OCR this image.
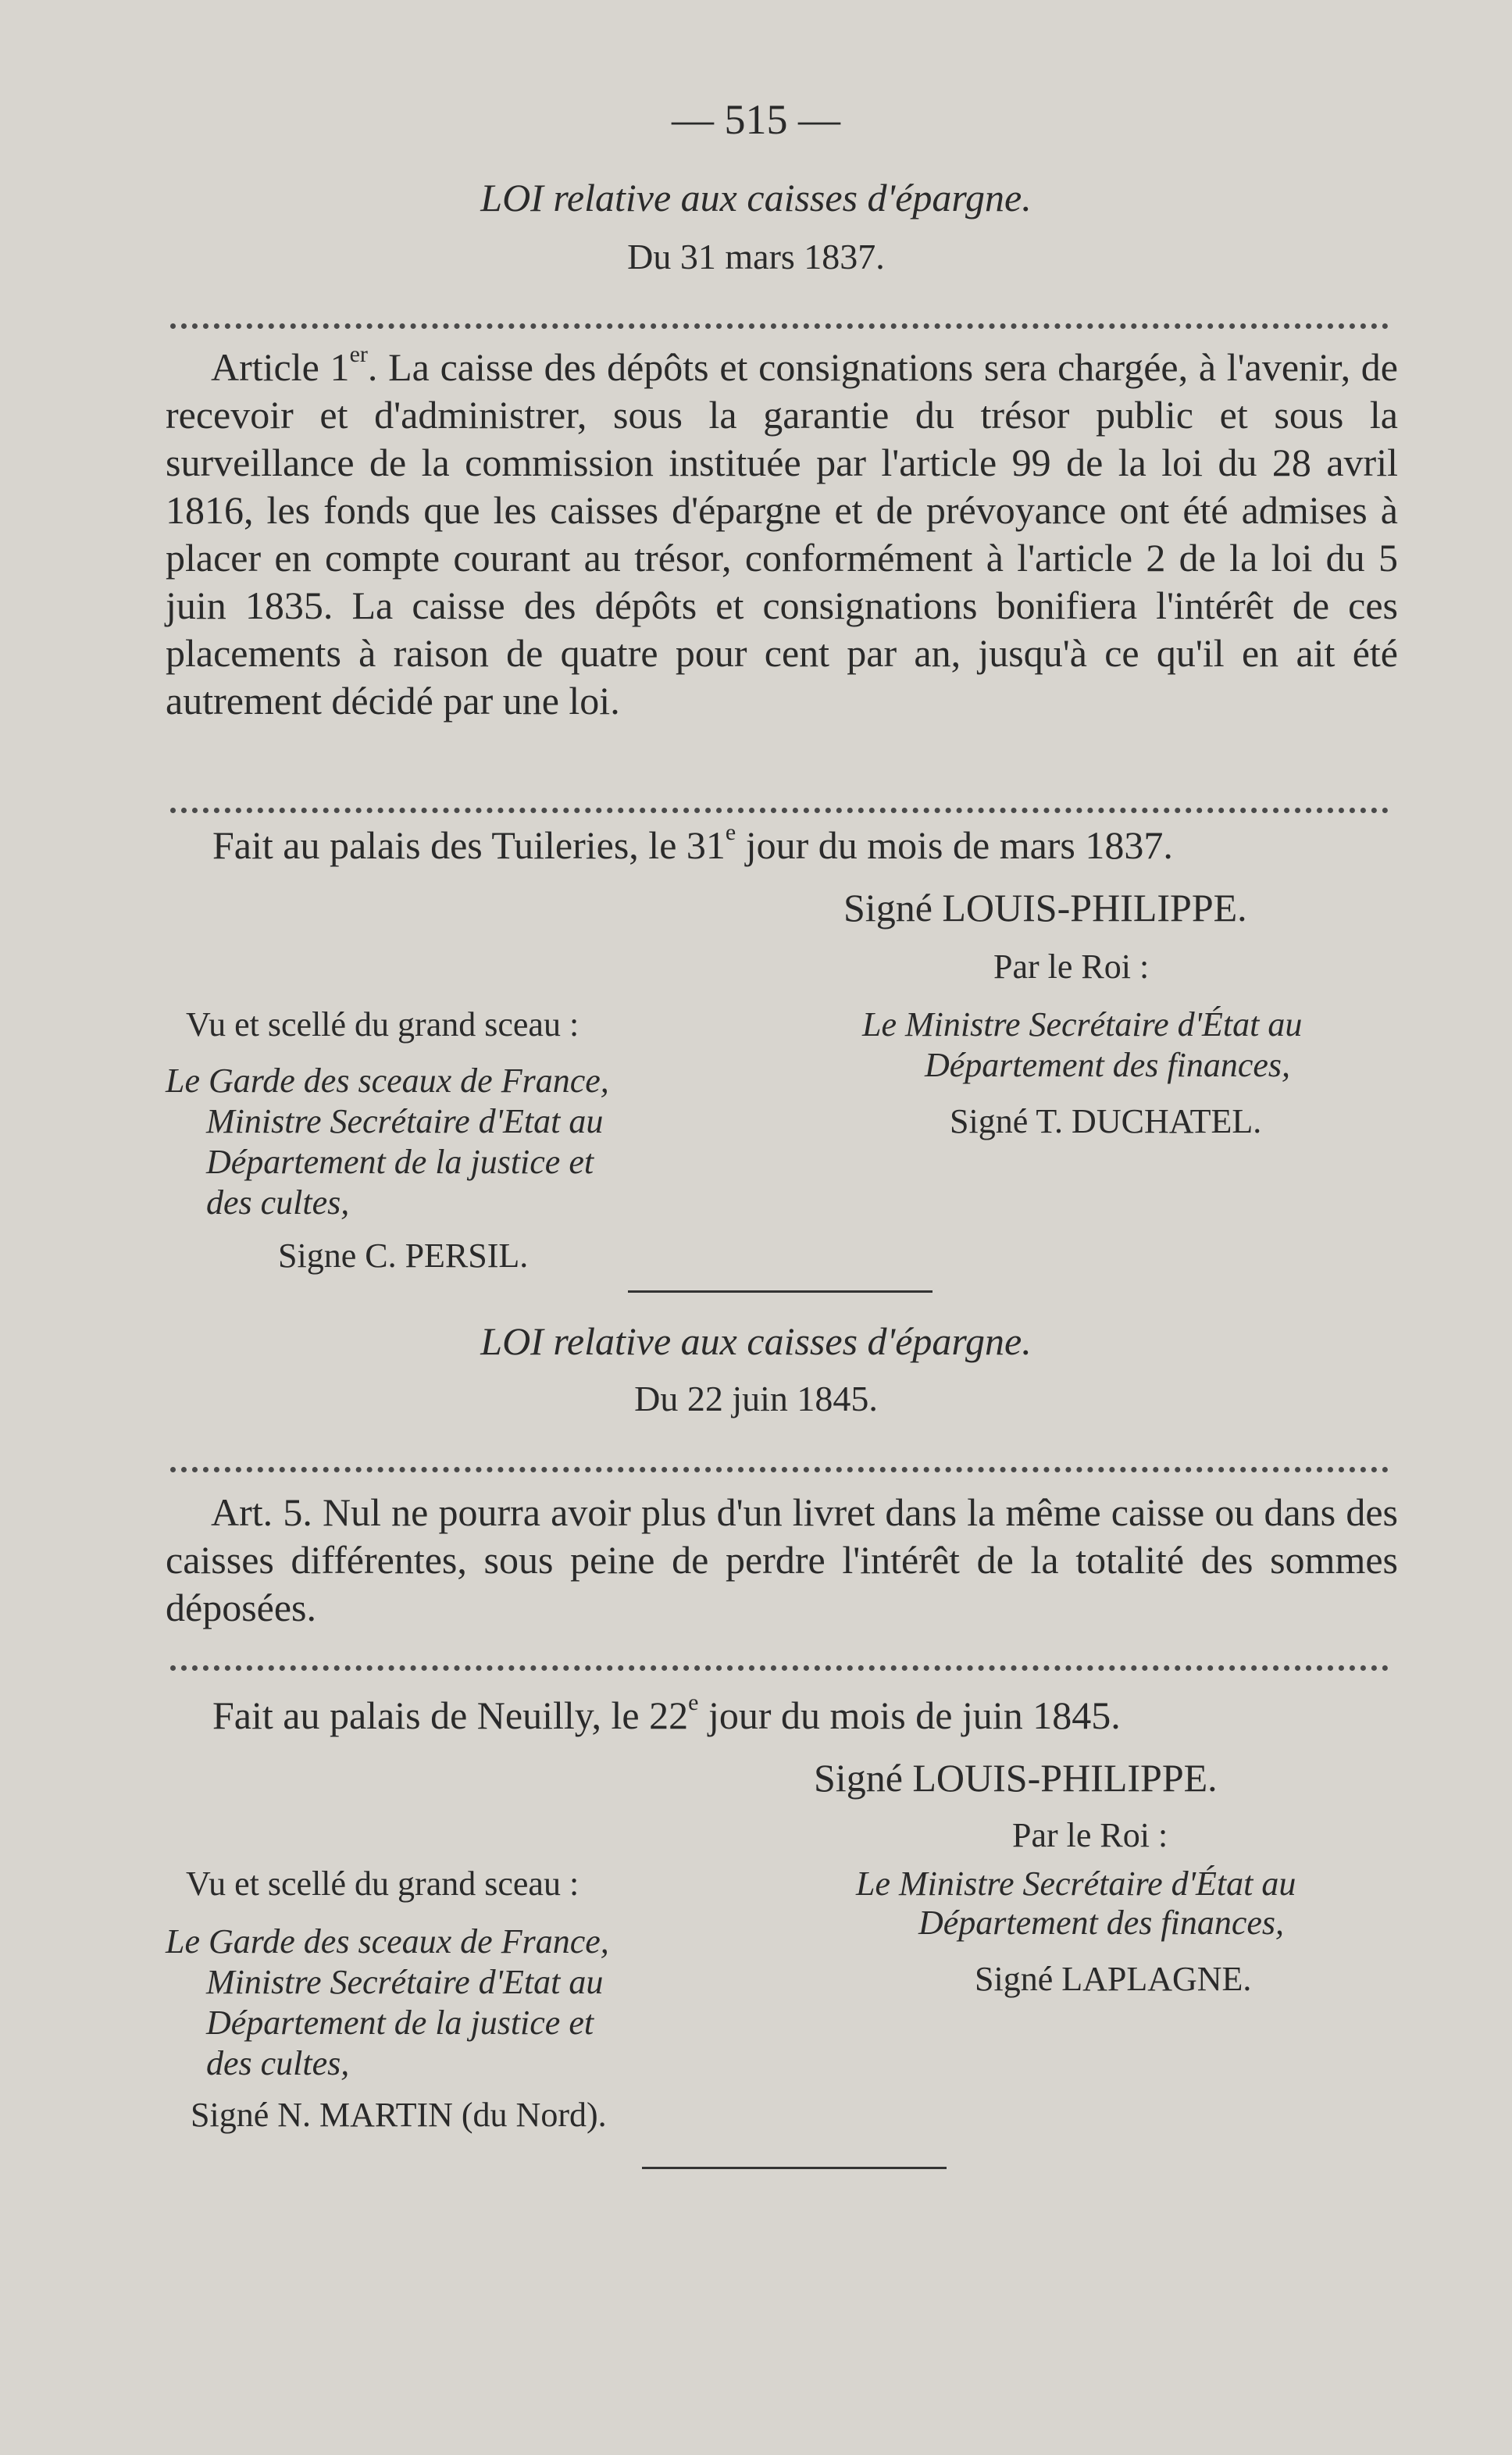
— 515 —
LOI relative aux caisses d'épargne.
Du 31 mars 1837.
Article 1er. La caisse des dépôts et consignations sera chargée, à l'avenir, de recevoir et d'administrer, sous la garantie du trésor public et sous la surveillance de la commission instituée par l'article 99 de la loi du 28 avril 1816, les fonds que les caisses d'épargne et de prévoyance ont été admises à placer en compte courant au trésor, conformément à l'article 2 de la loi du 5 juin 1835. La caisse des dépôts et consignations bonifiera l'intérêt de ces placements à raison de quatre pour cent par an, jusqu'à ce qu'il en ait été autrement décidé par une loi.
Fait au palais des Tuileries, le 31e jour du mois de mars 1837.
Signé LOUIS-PHILIPPE.
Par le Roi :
Vu et scellé du grand sceau :
Le Garde des sceaux de France,
Ministre Secrétaire d'Etat au
Département de la justice et
des cultes,
Signe C. PERSIL.
Le Ministre Secrétaire d'État au
Département des finances,
Signé T. DUCHATEL.
LOI relative aux caisses d'épargne.
Du 22 juin 1845.
Art. 5. Nul ne pourra avoir plus d'un livret dans la même caisse ou dans des caisses différentes, sous peine de perdre l'intérêt de la totalité des sommes déposées.
Fait au palais de Neuilly, le 22e jour du mois de juin 1845.
Signé LOUIS-PHILIPPE.
Par le Roi :
Vu et scellé du grand sceau :
Le Garde des sceaux de France,
Ministre Secrétaire d'Etat au
Département de la justice et
des cultes,
Signé N. MARTIN (du Nord).
Le Ministre Secrétaire d'État au
Département des finances,
Signé LAPLAGNE.
